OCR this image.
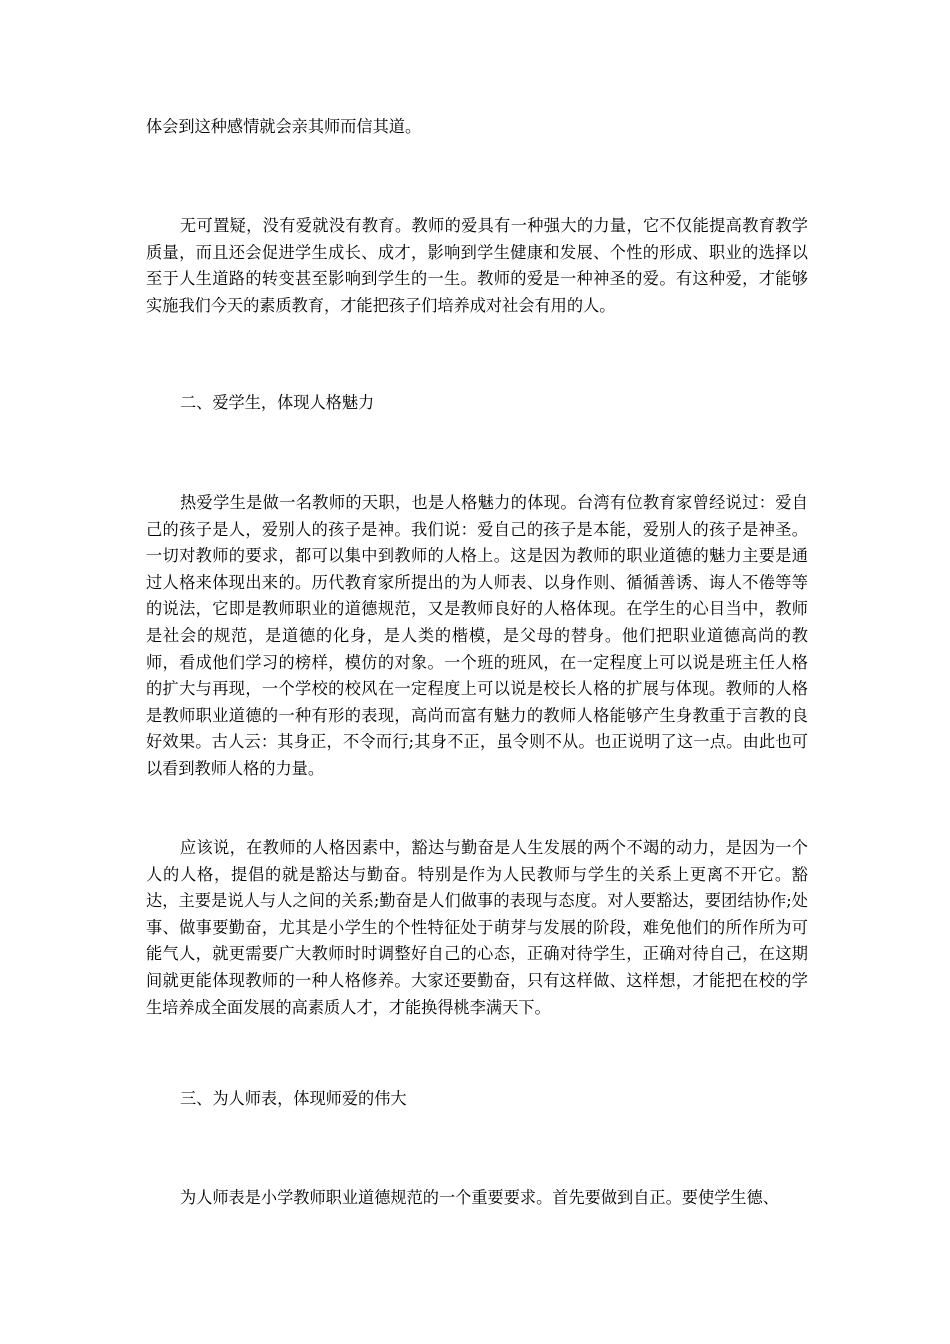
体会到这种感情就会亲其师而信其道。

无可置疑，没有爱就没有教育。教师的爱具有一种强大的力量，它不仅能提高教育教学质量，而且还会促进学生成长、成才，影响到学生健康和发展、个性的形成、职业的选择以至于人生道路的转变甚至影响到学生的一生。教师的爱是一种神圣的爱。有这种爱，才能够实施我们今天的素质教育，才能把孩子们培养成对社会有用的人。

二、爱学生，体现人格魅力

热爱学生是做一名教师的天职，也是人格魅力的体现。台湾有位教育家曾经说过：爱自己的孩子是人，爱别人的孩子是神。我们说：爱自己的孩子是本能，爱别人的孩子是神圣。一切对教师的要求，都可以集中到教师的人格上。这是因为教师的职业道德的魅力主要是通过人格来体现出来的。历代教育家所提出的为人师表、以身作则、循循善诱、诲人不倦等等的说法，它即是教师职业的道德规范，又是教师良好的人格体现。在学生的心目当中，教师是社会的规范，是道德的化身，是人类的楷模，是父母的替身。他们把职业道德高尚的教师，看成他们学习的榜样，模仿的对象。一个班的班风，在一定程度上可以说是班主任人格的扩大与再现，一个学校的校风在一定程度上可以说是校长人格的扩展与体现。教师的人格是教师职业道德的一种有形的表现，高尚而富有魅力的教师人格能够产生身教重于言教的良好效果。古人云：其身正，不令而行;其身不正，虽令则不从。也正说明了这一点。由此也可以看到教师人格的力量。

应该说，在教师的人格因素中，豁达与勤奋是人生发展的两个不竭的动力，是因为一个人的人格，提倡的就是豁达与勤奋。特别是作为人民教师与学生的关系上更离不开它。豁达，主要是说人与人之间的关系;勤奋是人们做事的表现与态度。对人要豁达，要团结协作;处事、做事要勤奋，尤其是小学生的个性特征处于萌芽与发展的阶段，难免他们的所作所为可能气人，就更需要广大教师时时调整好自己的心态，正确对待学生，正确对待自己，在这期间就更能体现教师的一种人格修养。大家还要勤奋，只有这样做、这样想，才能把在校的学生培养成全面发展的高素质人才，才能换得桃李满天下。

三、为人师表，体现师爱的伟大

为人师表是小学教师职业道德规范的一个重要要求。首先要做到自正。要使学生德、
